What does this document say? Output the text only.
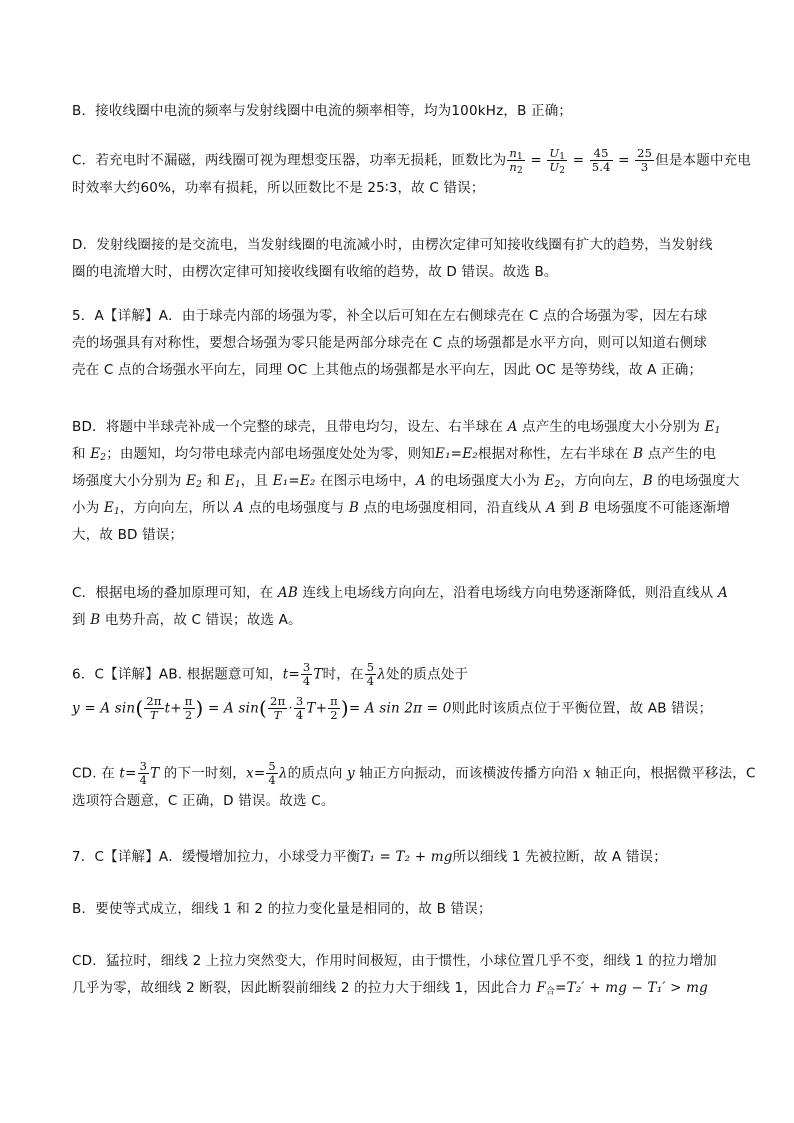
B．接收线圈中电流的频率与发射线圈中电流的频率相等，均为100kHz，B 正确；
C．若充电时不漏磁，两线圈可视为理想变压器，功率无损耗，匝数比为 $\frac{n_1}{n_2} = \frac{U_1}{U_2} = \frac{45}{5.4} = \frac{25}{3}$ 但是本题中充电
时效率大约60%，功率有损耗，所以匝数比不是 25∶3，故 C 错误；
D．发射线圈接的是交流电，当发射线圈的电流减小时，由楞次定律可知接收线圈有扩大的趋势，当发射线
圈的电流增大时，由楞次定律可知接收线圈有收缩的趋势，故 D 错误。故选 B。
5．A【详解】A．由于球壳内部的场强为零，补全以后可知在左右侧球壳在 C 点的合场强为零，因左右球
壳的场强具有对称性，要想合场强为零只能是两部分球壳在 C 点的场强都是水平方向，则可以知道右侧球
壳在 C 点的合场强水平向左，同理 OC 上其他点的场强都是水平向左，因此 OC 是等势线，故 A 正确；
BD．将题中半球壳补成一个完整的球壳，且带电均匀，设左、右半球在 A 点产生的电场强度大小分别为 $E_1$
和 $E_2$；由题知，均匀带电球壳内部电场强度处处为零，则知E₁=E₂根据对称性，左右半球在 B 点产生的电
场强度大小分别为 $E_2$ 和 $E_1$，且 E₁=E₂ 在图示电场中，A 的电场强度大小为 $E_2$，方向向左，B 的电场强度大
小为 $E_1$，方向向左，所以 A 点的电场强度与 B 点的电场强度相同，沿直线从 A 到 B 电场强度不可能逐渐增
大，故 BD 错误；
C．根据电场的叠加原理可知，在 AB 连线上电场线方向向左，沿着电场线方向电势逐渐降低，则沿直线从 A
到 B 电势升高，故 C 错误；故选 A。
6．C【详解】AB. 根据题意可知，$t= \frac{3}{4}$ T时，在 $\frac{5}{4}$ λ处的质点处于
y = A $\sin( \frac{2\pi}{T} t+ \frac{\pi}{2}$ ) = A $\sin( \frac{2\pi}{T} \cdot \frac{3}{4} T+ \frac{\pi}{2}$ )= A sin 2π = 0则此时该质点位于平衡位置，故 AB 错误；
CD. 在 $t= \frac{3}{4}$ T 的下一时刻，$x= \frac{5}{4}$ λ的质点向 y 轴正方向振动，而该横波传播方向沿 x 轴正向，根据微平移法，C
选项符合题意，C 正确，D 错误。故选 C。
7．C【详解】A．缓慢增加拉力，小球受力平衡T₁ = T₂ + mg所以细线 1 先被拉断，故 A 错误；
B．要使等式成立，细线 1 和 2 的拉力变化量是相同的，故 B 错误；
CD．猛拉时，细线 2 上拉力突然变大，作用时间极短，由于惯性，小球位置几乎不变，细线 1 的拉力增加
几乎为零，故细线 2 断裂，因此断裂前细线 2 的拉力大于细线 1，因此合力 $F_合=T_2'$ + mg − T₁′ > mg
